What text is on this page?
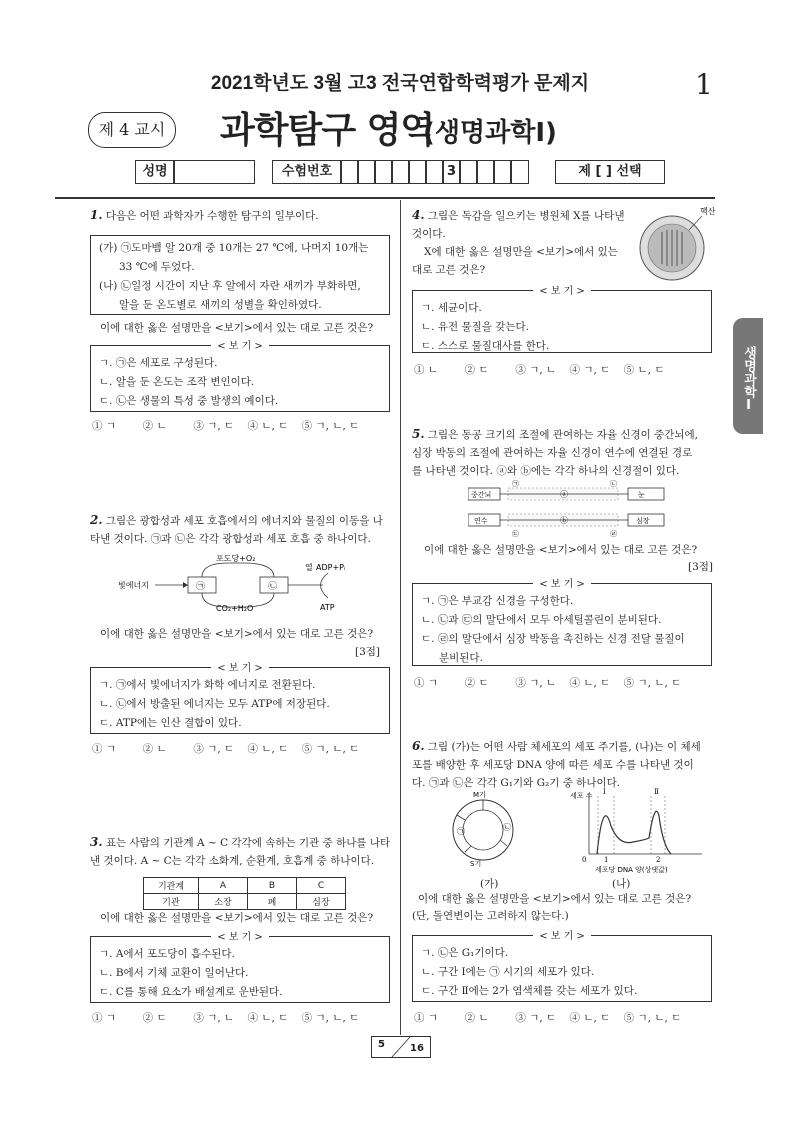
2021학년도 3월 고3 전국연합학력평가 문제지	1
제 4 교시 과학탐구 영역
(생명과학Ⅰ)
성명	수험번호	3	제 [ ] 선택
생명과학Ⅰ
1. 다음은 어떤 과학자가 수행한 탐구의 일부이다.
(가) ㉠도마뱀 알 20개 중 10개는 27 ℃에, 나머지 10개는
33 ℃에 두었다.
(나) ㉡일정 시간이 지난 후 알에서 자란 새끼가 부화하면,
알을 둔 온도별로 새끼의 성별을 확인하였다.
이에 대한 옳은 설명만을 <보기>에서 있는 대로 고른 것은?
< 보 기 >
ㄱ. ㉠은 세포로 구성된다.
ㄴ. 알을 둔 온도는 조작 변인이다.
ㄷ. ㉡은 생물의 특성 중 발생의 예이다.
① ㄱ        ② ㄴ        ③ ㄱ, ㄷ    ④ ㄴ, ㄷ    ⑤ ㄱ, ㄴ, ㄷ
2. 그림은 광합성과 세포 호흡에서의 에너지와 물질의 이동을 나
타낸 것이다. ㉠과 ㉡은 각각 광합성과 세포 호흡 중 하나이다.
빛에너지	㉠	㉡
포도당+O₂
CO₂+H₂O
열 ADP+Pᵢ
ATP
이에 대한 옳은 설명만을 <보기>에서 있는 대로 고른 것은?
[3점]
< 보 기 >
ㄱ. ㉠에서 빛에너지가 화학 에너지로 전환된다.
ㄴ. ㉡에서 방출된 에너지는 모두 ATP에 저장된다.
ㄷ. ATP에는 인산 결합이 있다.
① ㄱ        ② ㄴ        ③ ㄱ, ㄷ    ④ ㄴ, ㄷ    ⑤ ㄱ, ㄴ, ㄷ
3. 표는 사람의 기관계 A ~ C 각각에 속하는 기관 중 하나를 나타
낸 것이다. A ~ C는 각각 소화계, 순환계, 호흡계 중 하나이다.
기관계	A	B	C
기관	소장	폐	심장
이에 대한 옳은 설명만을 <보기>에서 있는 대로 고른 것은?
< 보 기 >
ㄱ. A에서 포도당이 흡수된다.
ㄴ. B에서 기체 교환이 일어난다.
ㄷ. C를 통해 요소가 배설계로 운반된다.
① ㄱ        ② ㄷ        ③ ㄱ, ㄴ    ④ ㄴ, ㄷ    ⑤ ㄱ, ㄴ, ㄷ
4. 그림은 독감을 일으키는 병원체 X를 나타낸
것이다.
X에 대한 옳은 설명만을 <보기>에서 있는
대로 고른 것은?
핵산
< 보 기 >
ㄱ. 세균이다.
ㄴ. 유전 물질을 갖는다.
ㄷ. 스스로 물질대사를 한다.
① ㄴ        ② ㄷ        ③ ㄱ, ㄴ    ④ ㄱ, ㄷ    ⑤ ㄴ, ㄷ
5. 그림은 동공 크기의 조절에 관여하는 자율 신경이 중간뇌에,
심장 박동의 조절에 관여하는 자율 신경이 연수에 연결된 경로
를 나타낸 것이다. ⓐ와 ⓑ에는 각각 하나의 신경절이 있다.
중간뇌
연수
ⓐ
ⓑ
㉠	㉡
㉢	㉣
눈
심장
이에 대한 옳은 설명만을 <보기>에서 있는 대로 고른 것은?
[3점]
< 보 기 >
ㄱ. ㉠은 부교감 신경을 구성한다.
ㄴ. ㉡과 ㉢의 말단에서 모두 아세틸콜린이 분비된다.
ㄷ. ㉣의 말단에서 심장 박동을 촉진하는 신경 전달 물질이
분비된다.
① ㄱ        ② ㄷ        ③ ㄱ, ㄴ    ④ ㄴ, ㄷ    ⑤ ㄱ, ㄴ, ㄷ
6. 그림 (가)는 어떤 사람 체세포의 세포 주기를, (나)는 이 체세
포를 배양한 후 세포당 DNA 양에 따른 세포 수를 나타낸 것이
다. ㉠과 ㉡은 각각 G₁기와 G₂기 중 하나이다.
M기
S기
㉠	㉡
세포 수 Ⅰ	Ⅱ
0	1	2
세포당 DNA 양(상댓값)
(가)	(나)
이에 대한 옳은 설명만을 <보기>에서 있는 대로 고른 것은?
(단, 돌연변이는 고려하지 않는다.)
< 보 기 >
ㄱ. ㉡은 G₁기이다.
ㄴ. 구간 Ⅰ에는 ㉠ 시기의 세포가 있다.
ㄷ. 구간 Ⅱ에는 2가 염색체를 갖는 세포가 있다.
① ㄱ        ② ㄴ        ③ ㄱ, ㄷ    ④ ㄴ, ㄷ    ⑤ ㄱ, ㄴ, ㄷ
5	16
